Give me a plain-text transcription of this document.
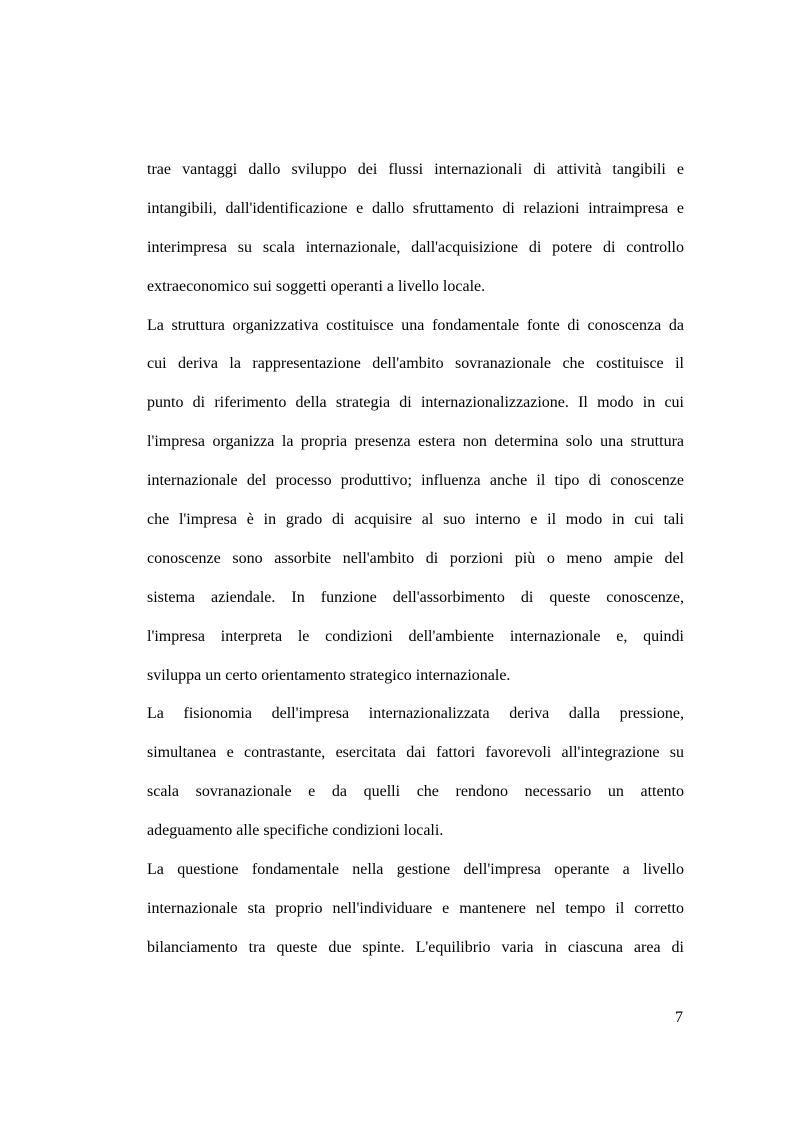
trae vantaggi dallo sviluppo dei flussi internazionali di attività tangibili e
intangibili, dall'identificazione e dallo sfruttamento di relazioni intraimpresa e
interimpresa su scala internazionale, dall'acquisizione di potere di controllo
extraeconomico sui soggetti operanti a livello locale.
La struttura organizzativa costituisce una fondamentale fonte di conoscenza da
cui deriva la rappresentazione dell'ambito sovranazionale che costituisce il
punto di riferimento della strategia di internazionalizzazione. Il modo in cui
l'impresa organizza la propria presenza estera non determina solo una struttura
internazionale del processo produttivo; influenza anche il tipo di conoscenze
che l'impresa è in grado di acquisire al suo interno e il modo in cui tali
conoscenze sono assorbite nell'ambito di porzioni più o meno ampie del
sistema aziendale. In funzione dell'assorbimento di queste conoscenze,
l'impresa interpreta le condizioni dell'ambiente internazionale e, quindi
sviluppa un certo orientamento strategico internazionale.
La fisionomia dell'impresa internazionalizzata deriva dalla pressione,
simultanea e contrastante, esercitata dai fattori favorevoli all'integrazione su
scala sovranazionale e da quelli che rendono necessario un attento
adeguamento alle specifiche condizioni locali.
La questione fondamentale nella gestione dell'impresa operante a livello
internazionale sta proprio nell'individuare e mantenere nel tempo il corretto
bilanciamento tra queste due spinte. L'equilibrio varia in ciascuna area di
7
